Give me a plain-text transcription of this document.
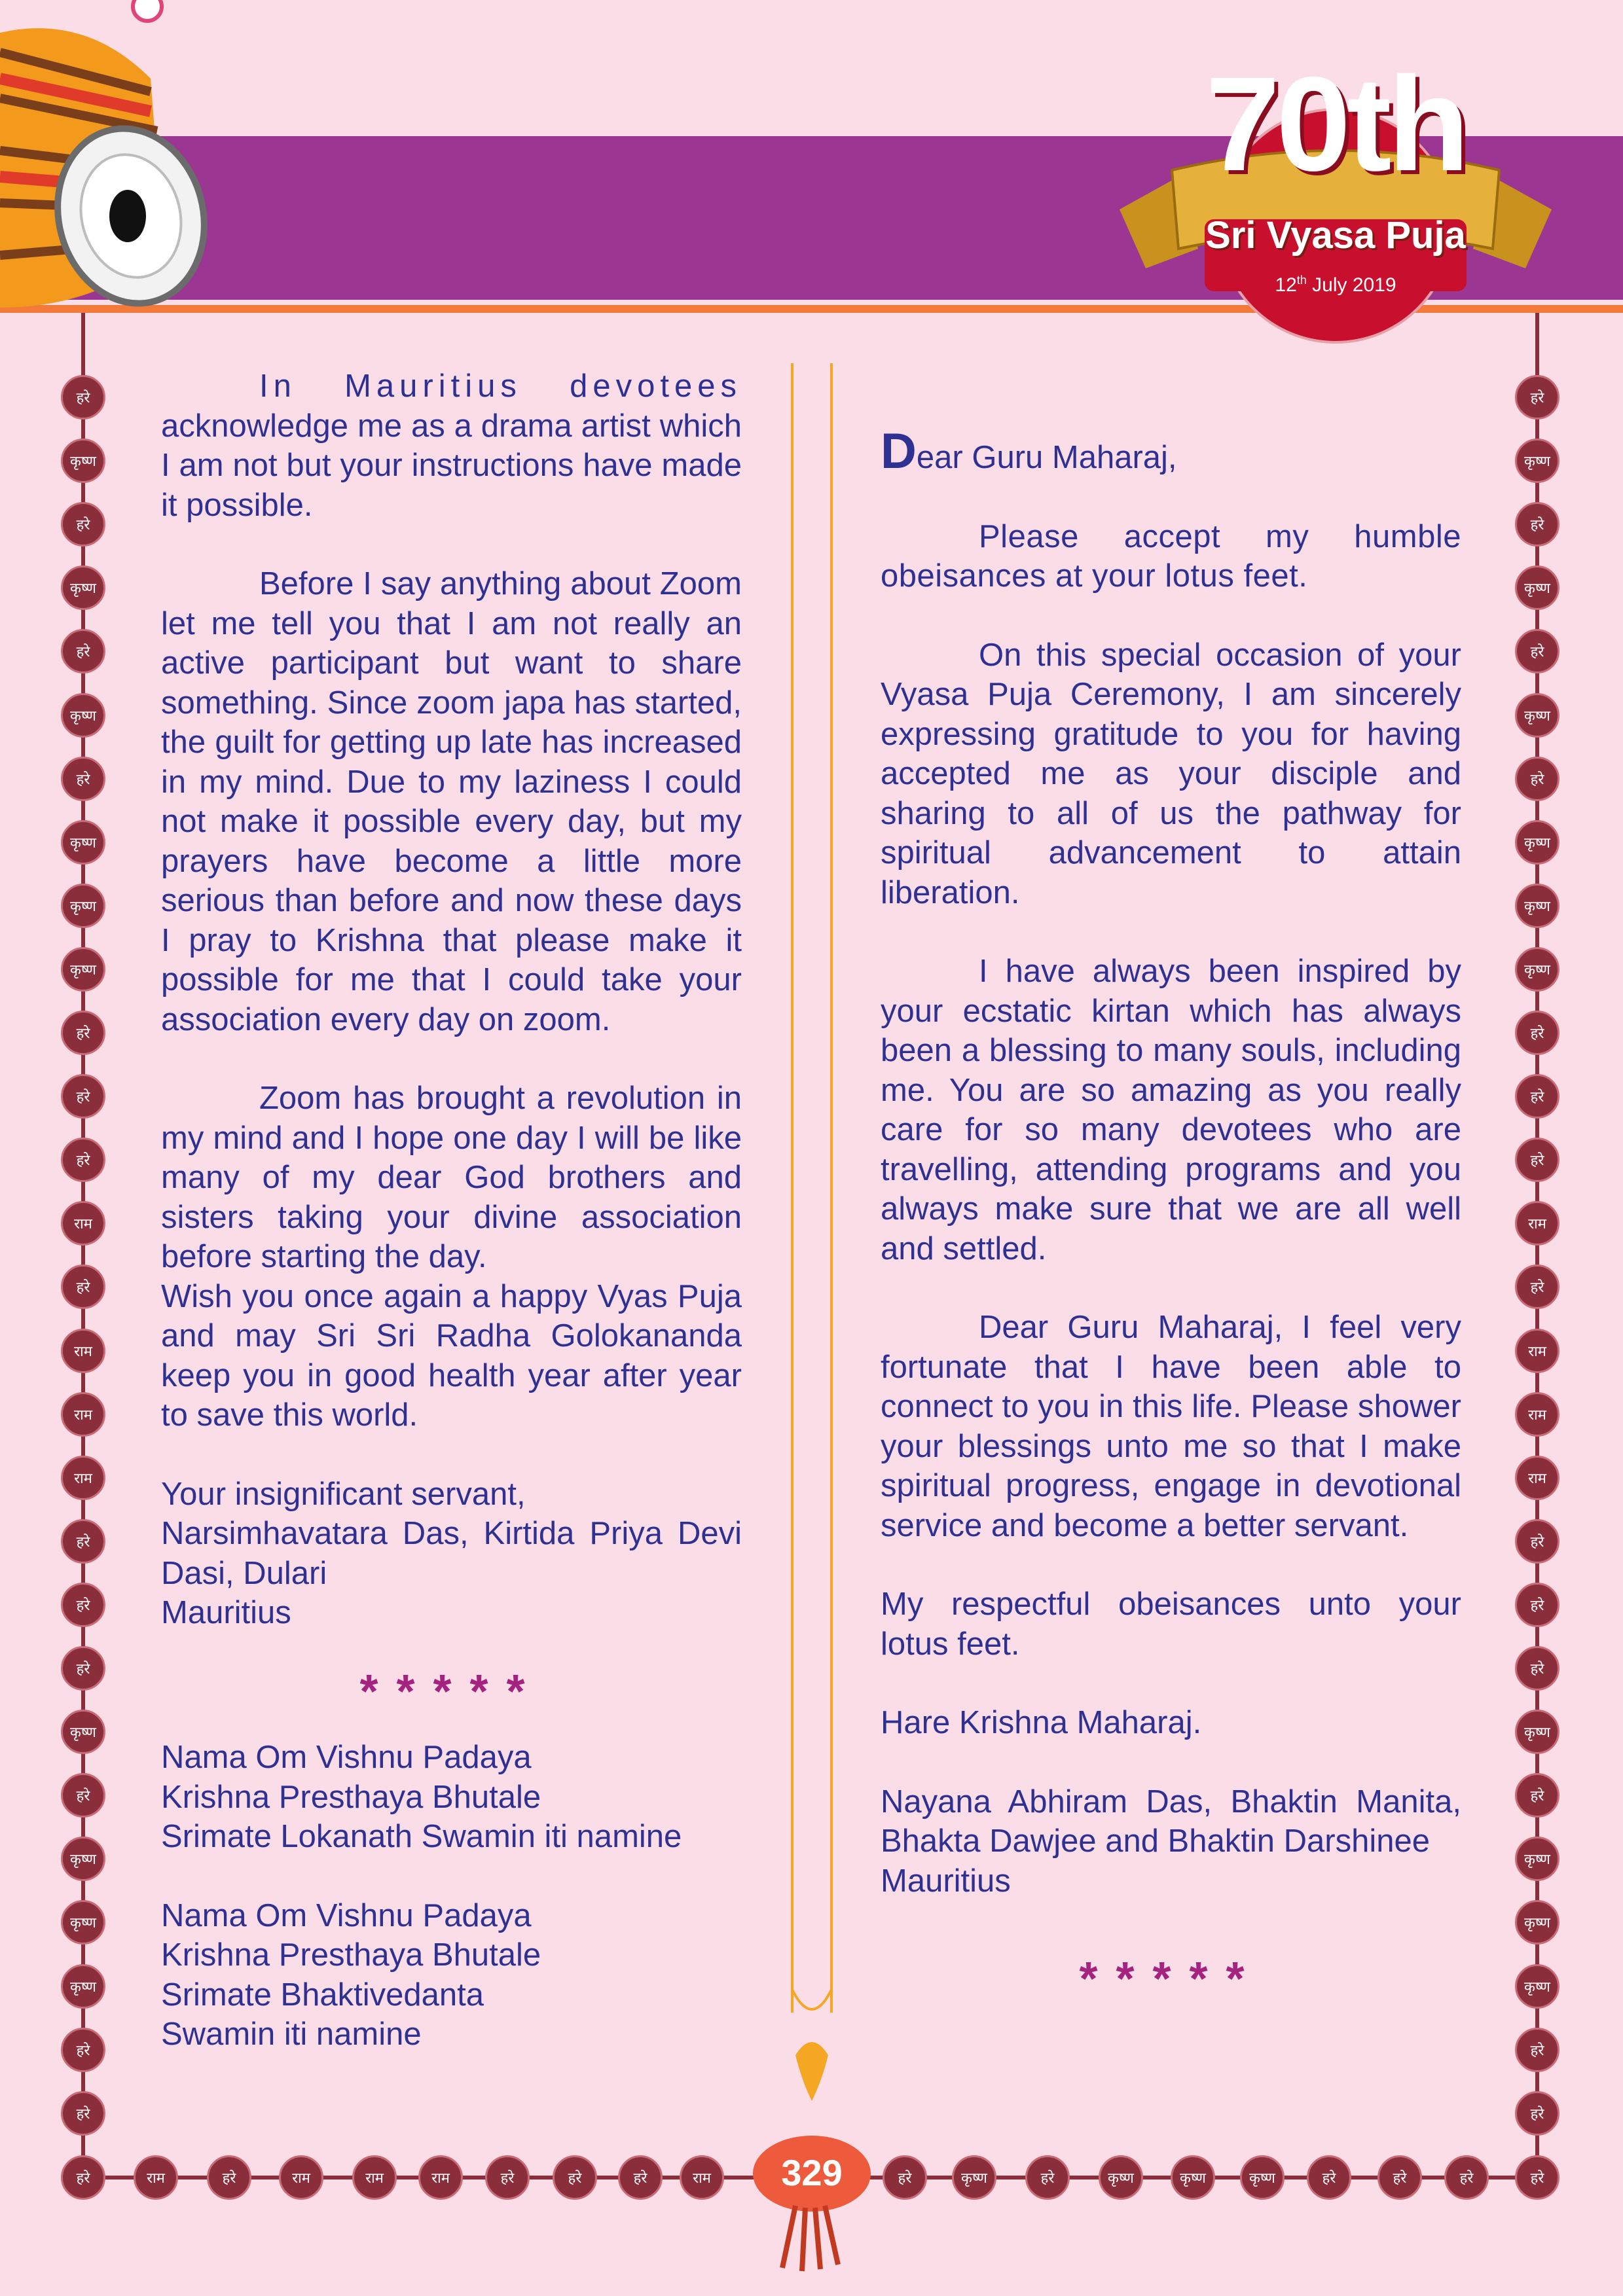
70th
Sri Vyasa Puja
12th July 2019
हरे
कृष्ण
हरे
कृष्ण
हरे
कृष्ण
हरे
कृष्ण
कृष्ण
कृष्ण
हरे
हरे
हरे
राम
हरे
राम
राम
राम
हरे
हरे
हरे
कृष्ण
हरे
कृष्ण
कृष्ण
कृष्ण
हरे
हरे
हरे
कृष्ण
हरे
कृष्ण
हरे
कृष्ण
हरे
कृष्ण
कृष्ण
कृष्ण
हरे
हरे
हरे
राम
हरे
राम
राम
राम
हरे
हरे
हरे
कृष्ण
हरे
कृष्ण
कृष्ण
कृष्ण
हरे
हरे
हरे	राम	हरे	राम	राम	राम	हरे	हरे	हरे	राम	हरे	कृष्ण	हरे	कृष्ण	कृष्ण	कृष्ण	हरे	हरे	हरे	हरे
329

In Mauritius devotees
acknowledge me as a drama artist which I am not but your instructions have made it possible.

Before I say anything about Zoom let me tell you that I am not really an active participant but want to share something. Since zoom japa has started, the guilt for getting up late has increased in my mind. Due to my laziness I could not make it possible every day, but my prayers have become a little more serious than before and now these days I pray to Krishna that please make it possible for me that I could take your association every day on zoom.

Zoom has brought a revolution in my mind and I hope one day I will be like many of my dear God brothers and sisters taking your divine association before starting the day.

Wish you once again a happy Vyas Puja and may Sri Sri Radha Golokananda keep you in good health year after year to save this world.

Your insignificant servant,
Narsimhavatara Das, Kirtida Priya Devi Dasi, Dulari
Mauritius

*****

Nama Om Vishnu Padaya
Krishna Presthaya Bhutale
Srimate Lokanath Swamin iti namine

Nama Om Vishnu Padaya
Krishna Presthaya Bhutale
Srimate Bhaktivedanta
Swamin iti namine

Dear Guru Maharaj,

Please accept my humble obeisances at your lotus feet.

On this special occasion of your Vyasa Puja Ceremony, I am sincerely expressing gratitude to you for having accepted me as your disciple and sharing to all of us the pathway for spiritual advancement to attain liberation.

I have always been inspired by your ecstatic kirtan which has always been a blessing to many souls, including me. You are so amazing as you really care for so many devotees who are travelling, attending programs and you always make sure that we are all well and settled.

Dear Guru Maharaj, I feel very fortunate that I have been able to connect to you in this life. Please shower your blessings unto me so that I make spiritual progress, engage in devotional service and become a better servant.

My respectful obeisances unto your lotus feet.

Hare Krishna Maharaj.

Nayana Abhiram Das, Bhaktin Manita,
Bhakta Dawjee and Bhaktin Darshinee
Mauritius

*****
